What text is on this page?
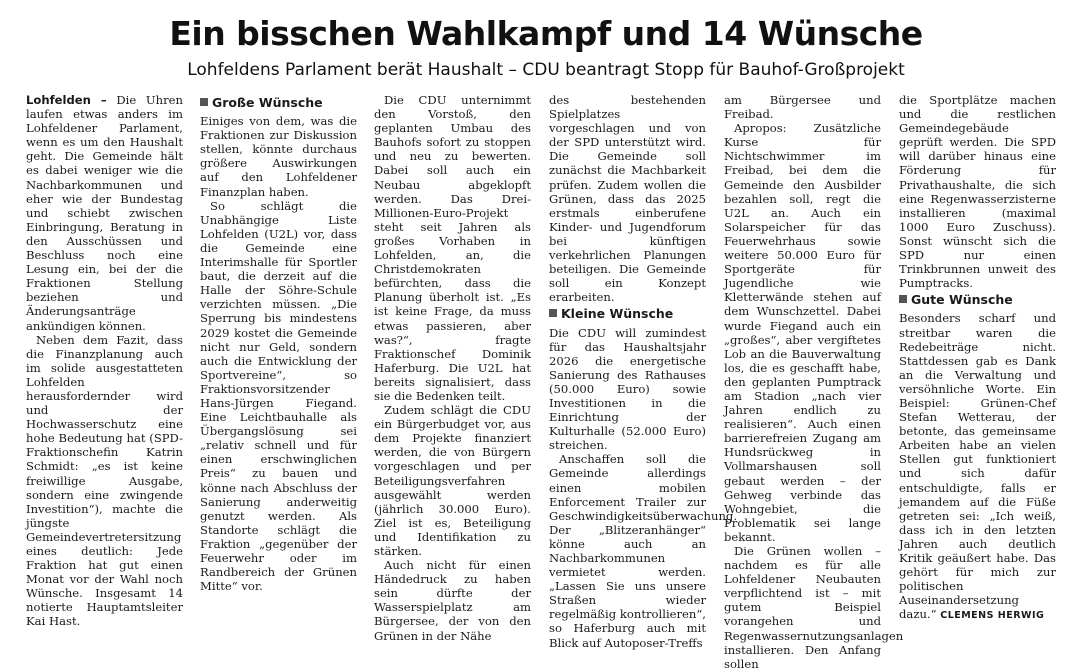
Ein bisschen Wahlkampf und 14 Wünsche
Lohfeldens Parlament berät Haushalt – CDU beantragt Stopp für Bauhof-Großprojekt

Lohfelden – Die Uhren laufen etwas anders im Lohfeldener Parlament, wenn es um den Haushalt geht. Die Gemeinde hält es dabei weniger wie die Nachbarkommunen und eher wie der Bundestag und schiebt zwischen Einbringung, Beratung in den Ausschüssen und Beschluss noch eine Lesung ein, bei der die Fraktionen Stellung beziehen und Änderungsanträge ankündigen können.

Neben dem Fazit, dass die Finanzplanung auch im solide ausgestatteten Lohfelden herausfordernder wird und der Hochwasserschutz eine hohe Bedeutung hat (SPD-Fraktionschefin Katrin Schmidt: „es ist keine freiwillige Ausgabe, sondern eine zwingende Investition“), machte die jüngste Gemeindevertretersitzung eines deutlich: Jede Fraktion hat gut einen Monat vor der Wahl noch Wünsche. Insgesamt 14 notierte Hauptamtsleiter Kai Hast.

Große Wünsche

Einiges von dem, was die Fraktionen zur Diskussion stellen, könnte durchaus größere Auswirkungen auf den Lohfeldener Finanzplan haben.

So schlägt die Unabhängige Liste Lohfelden (U2L) vor, dass die Gemeinde eine Interimshalle für Sportler baut, die derzeit auf die Halle der Söhre-Schule verzichten müssen. „Die Sperrung bis mindestens 2029 kostet die Gemeinde nicht nur Geld, sondern auch die Entwicklung der Sportvereine“, so Fraktionsvorsitzender Hans-Jürgen Fiegand. Eine Leichtbauhalle als Übergangslösung sei „relativ schnell und für einen erschwinglichen Preis“ zu bauen und könne nach Abschluss der Sanierung anderweitig genutzt werden. Als Standorte schlägt die Fraktion „gegenüber der Feuerwehr oder im Randbereich der Grünen Mitte“ vor.

Die CDU unternimmt den Vorstoß, den geplanten Umbau des Bauhofs sofort zu stoppen und neu zu bewerten. Dabei soll auch ein Neubau abgeklopft werden. Das Drei-Millionen-Euro-Projekt steht seit Jahren als großes Vorhaben in Lohfelden, an, die Christdemokraten befürchten, dass die Planung überholt ist. „Es ist keine Frage, da muss etwas passieren, aber was?“, fragte Fraktionschef Dominik Haferburg. Die U2L hat bereits signalisiert, dass sie die Bedenken teilt.

Zudem schlägt die CDU ein Bürgerbudget vor, aus dem Projekte finanziert werden, die von Bürgern vorgeschlagen und per Beteiligungsverfahren ausgewählt werden (jährlich 30.000 Euro). Ziel ist es, Beteiligung und Identifikation zu stärken.

Auch nicht für einen Händedruck zu haben sein dürfte der Wasserspielplatz am Bürgersee, der von den Grünen in der Nähe

des bestehenden Spielplatzes vorgeschlagen und von der SPD unterstützt wird. Die Gemeinde soll zunächst die Machbarkeit prüfen. Zudem wollen die Grünen, dass das 2025 erstmals einberufene Kinder- und Jugendforum bei künftigen verkehrlichen Planungen beteiligen. Die Gemeinde soll ein Konzept erarbeiten.

Kleine Wünsche

Die CDU will zumindest für das Haushaltsjahr 2026 die energetische Sanierung des Rathauses (50.000 Euro) sowie Investitionen in die Einrichtung der Kulturhalle (52.000 Euro) streichen.

Anschaffen soll die Gemeinde allerdings einen mobilen Enforcement Trailer zur Geschwindigkeitsüberwachung. Der „Blitzeranhänger“ könne auch an Nachbarkommunen vermietet werden. „Lassen Sie uns unsere Straßen wieder regelmäßig kontrollieren“, so Haferburg auch mit Blick auf Autoposer-Treffs

am Bürgersee und Freibad.

Apropos: Zusätzliche Kurse für Nichtschwimmer im Freibad, bei dem die Gemeinde den Ausbilder bezahlen soll, regt die U2L an. Auch ein Solarspeicher für das Feuerwehrhaus sowie weitere 50.000 Euro für Sportgeräte für Jugendliche wie Kletterwände stehen auf dem Wunschzettel. Dabei wurde Fiegand auch ein „großes“, aber vergiftetes Lob an die Bauverwaltung los, die es geschafft habe, den geplanten Pumptrack am Stadion „nach vier Jahren endlich zu realisieren“. Auch einen barrierefreien Zugang am Hundsrückweg in Vollmarshausen soll gebaut werden – der Gehweg verbinde das Wohngebiet, die Problematik sei lange bekannt.

Die Grünen wollen – nachdem es für alle Lohfeldener Neubauten verpflichtend ist – mit gutem Beispiel vorangehen und Regenwassernutzungsanlagen installieren. Den Anfang sollen

die Sportplätze machen und die restlichen Gemeindegebäude geprüft werden. Die SPD will darüber hinaus eine Förderung für Privathaushalte, die sich eine Regenwasserzisterne installieren (maximal 1000 Euro Zuschuss). Sonst wünscht sich die SPD nur einen Trinkbrunnen unweit des Pumptracks.

Gute Wünsche

Besonders scharf und streitbar waren die Redebeiträge nicht. Stattdessen gab es Dank an die Verwaltung und versöhnliche Worte. Ein Beispiel: Grünen-Chef Stefan Wetterau, der betonte, das gemeinsame Arbeiten habe an vielen Stellen gut funktioniert und sich dafür entschuldigte, falls er jemandem auf die Füße getreten sei: „Ich weiß, dass ich in den letzten Jahren auch deutlich Kritik geäußert habe. Das gehört für mich zur politischen Auseinandersetzung dazu.“ CLEMENS HERWIG
